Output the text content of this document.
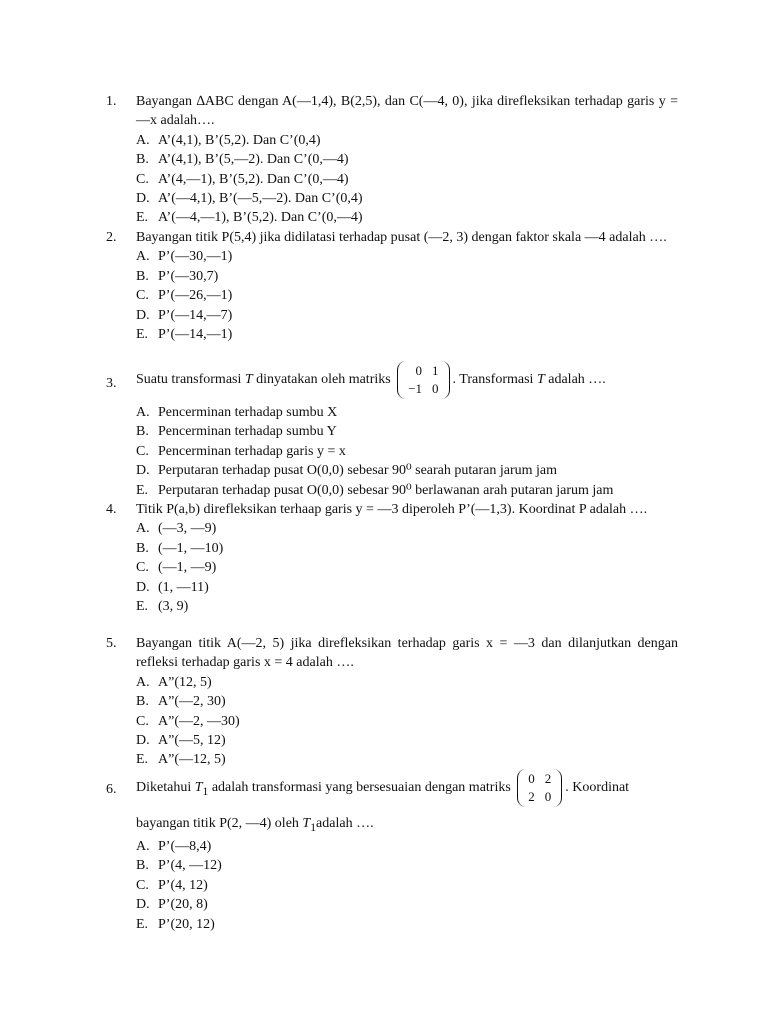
1.	Bayangan ∆ABC dengan A(—1,4), B(2,5), dan C(—4, 0), jika direfleksikan terhadap garis y = —x adalah….
A. A’(4,1), B’(5,2). Dan C’(0,4)
B. A’(4,1), B’(5,—2). Dan C’(0,—4)
C. A’(4,—1), B’(5,2). Dan C’(0,—4)
D. A’(—4,1), B’(—5,—2). Dan C’(0,4)
E. A’(—4,—1), B’(5,2). Dan C’(0,—4)
2.	Bayangan titik P(5,4) jika didilatasi terhadap pusat (—2, 3) dengan faktor skala —4 adalah ….
A. P’(—30,—1)
B. P’(—30,7)
C. P’(—26,—1)
D. P’(—14,—7)
E. P’(—14,—1)
3.	Suatu transformasi T dinyatakan oleh matriks
0	1
−1	0
. Transformasi T adalah ….
A. Pencerminan terhadap sumbu X
B. Pencerminan terhadap sumbu Y
C. Pencerminan terhadap garis y = x
D. Perputaran terhadap pusat O(0,0) sebesar 90⁰ searah putaran jarum jam
E. Perputaran terhadap pusat O(0,0) sebesar 90⁰ berlawanan arah putaran jarum jam
4.	Titik P(a,b) direfleksikan terhaap garis y = —3 diperoleh P’(—1,3). Koordinat P adalah ….
A. (—3, —9)
B. (—1, —10)
C. (—1, —9)
D. (1, —11)
E. (3, 9)
5.	Bayangan titik A(—2, 5) jika direfleksikan terhadap garis x = —3 dan dilanjutkan dengan refleksi terhadap garis x = 4 adalah ….
A. A”(12, 5)
B. A”(—2, 30)
C. A”(—2, —30)
D. A”(—5, 12)
E. A”(—12, 5)
6.	Diketahui $T_1$ adalah transformasi yang bersesuaian dengan matriks
0	2
2	0
. Koordinat
bayangan titik P(2, —4) oleh $T_1adalah$ ….
A. P’(—8,4)
B. P’(4, —12)
C. P’(4, 12)
D. P’(20, 8)
E. P’(20, 12)
